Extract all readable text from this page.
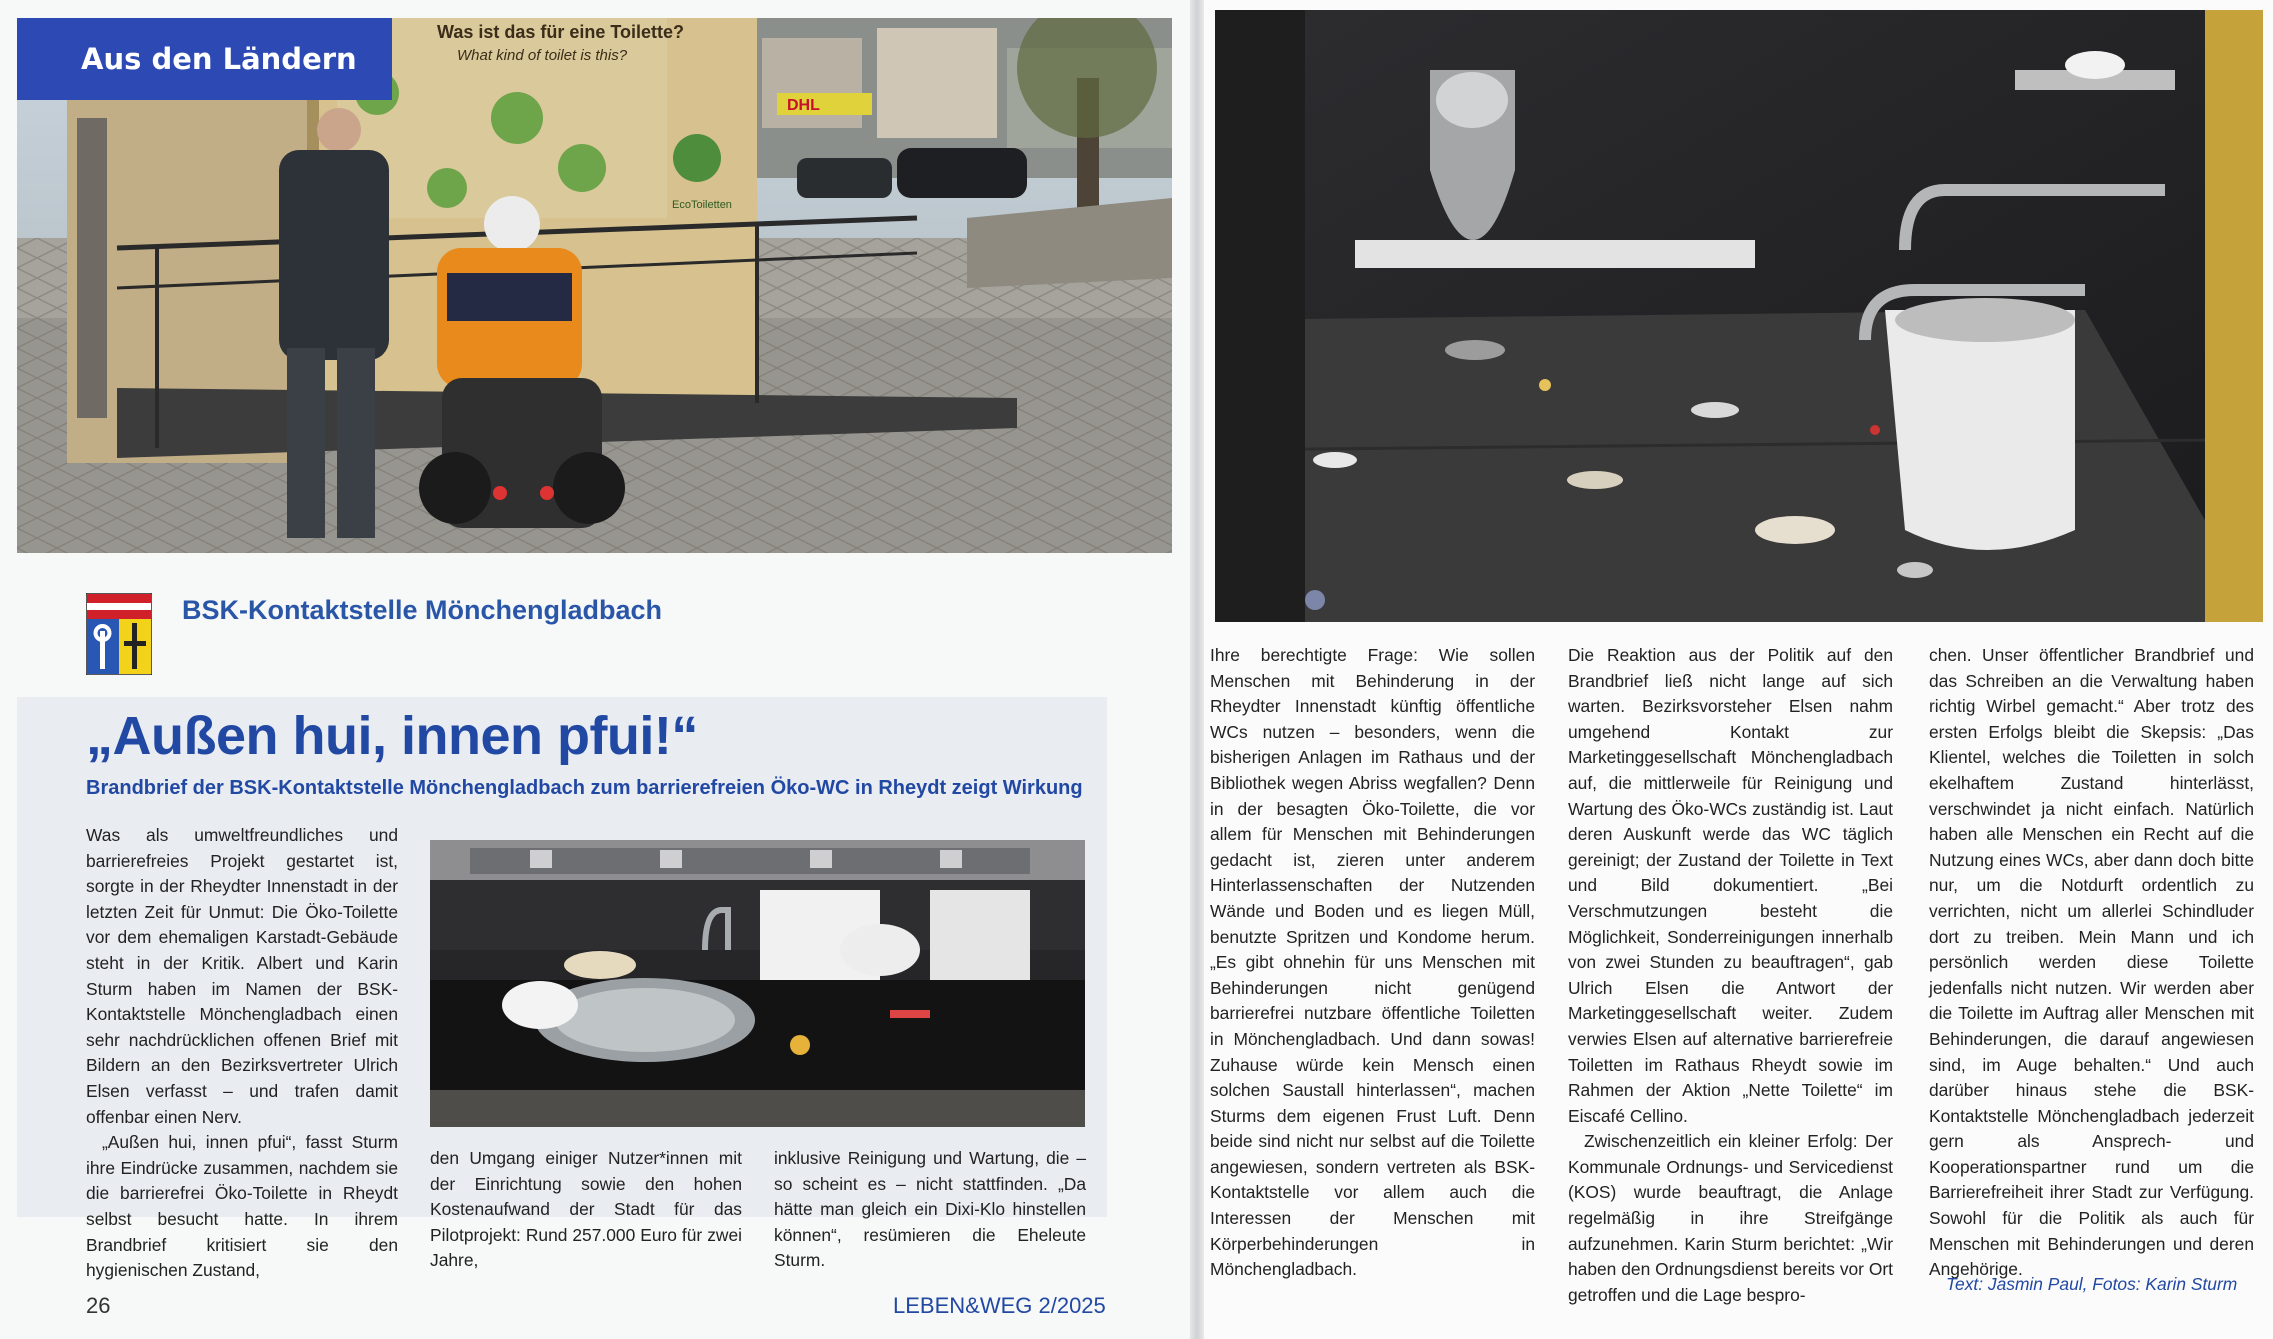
DHL
Was ist das für eine Toilette?
What kind of toilet is this?
EcoToiletten
Aus den Ländern
BSK-Kontaktstelle Mönchengladbach
„Außen hui, innen pfui!“
Brandbrief der BSK-Kontaktstelle Mönchengladbach zum barrierefreien Öko-WC in Rheydt zeigt Wirkung

Was als umweltfreundliches und barrierefreies Projekt gestartet ist, sorgte in der Rheydter Innenstadt in der letzten Zeit für Unmut: Die Öko-Toilette vor dem ehemaligen Karstadt-Gebäude steht in der Kritik. Albert und Karin Sturm haben im Namen der BSK-Kontaktstelle Mönchengladbach einen sehr nachdrücklichen offenen Brief mit Bildern an den Bezirksvertreter Ulrich Elsen verfasst – und trafen damit offenbar einen Nerv.

„Außen hui, innen pfui“, fasst Sturm ihre Eindrücke zusammen, nachdem sie die barrierefrei Öko-Toilette in Rheydt selbst besucht hatte. In ihrem Brandbrief kritisiert sie den hygienischen Zustand,

den Umgang einiger Nutzer*innen mit der Einrichtung sowie den hohen Kostenaufwand der Stadt für das Pilotprojekt: Rund 257.000 Euro für zwei Jahre,

inklusive Reinigung und Wartung, die – so scheint es – nicht stattfinden. „Da hätte man gleich ein Dixi-Klo hinstellen können“, resümieren die Eheleute Sturm.

26	LEBEN&WEG 2/2025

Ihre berechtigte Frage: Wie sollen Menschen mit Behinderung in der Rheydter Innenstadt künftig öffentliche WCs nutzen – besonders, wenn die bisherigen Anlagen im Rathaus und der Bibliothek wegen Abriss wegfallen? Denn in der besagten Öko-Toilette, die vor allem für Menschen mit Behinderungen gedacht ist, zieren unter anderem Hinterlassenschaften der Nutzenden Wände und Boden und es liegen Müll, benutzte Spritzen und Kondome herum. „Es gibt ohnehin für uns Menschen mit Behinderungen nicht genügend barrierefrei nutzbare öffentliche Toiletten in Mönchengladbach. Und dann sowas! Zuhause würde kein Mensch einen solchen Saustall hinterlassen“, machen Sturms dem eigenen Frust Luft. Denn beide sind nicht nur selbst auf die Toilette angewiesen, sondern vertreten als BSK-Kontaktstelle vor allem auch die Interessen der Menschen mit Körperbehinderungen in Mönchengladbach.

Die Reaktion aus der Politik auf den Brandbrief ließ nicht lange auf sich warten. Bezirksvorsteher Elsen nahm umgehend Kontakt zur Marketinggesellschaft Mönchengladbach auf, die mittlerweile für Reinigung und Wartung des Öko-WCs zuständig ist. Laut deren Auskunft werde das WC täglich gereinigt; der Zustand der Toilette in Text und Bild dokumentiert. „Bei Verschmutzungen besteht die Möglichkeit, Sonderreinigungen innerhalb von zwei Stunden zu beauftragen“, gab Ulrich Elsen die Antwort der Marketinggesellschaft weiter. Zudem verwies Elsen auf alternative barrierefreie Toiletten im Rathaus Rheydt sowie im Rahmen der Aktion „Nette Toilette“ im Eiscafé Cellino.

Zwischenzeitlich ein kleiner Erfolg: Der Kommunale Ordnungs- und Servicedienst (KOS) wurde beauftragt, die Anlage regelmäßig in ihre Streifgänge aufzunehmen. Karin Sturm berichtet: „Wir haben den Ordnungsdienst bereits vor Ort getroffen und die Lage bespro-

chen. Unser öffentlicher Brandbrief und das Schreiben an die Verwaltung haben richtig Wirbel gemacht.“ Aber trotz des ersten Erfolgs bleibt die Skepsis: „Das Klientel, welches die Toiletten in solch ekelhaftem Zustand hinterlässt, verschwindet ja nicht einfach. Natürlich haben alle Menschen ein Recht auf die Nutzung eines WCs, aber dann doch bitte nur, um die Notdurft ordentlich zu verrichten, nicht um allerlei Schindluder dort zu treiben. Mein Mann und ich persönlich werden diese Toilette jedenfalls nicht nutzen. Wir werden aber die Toilette im Auftrag aller Menschen mit Behinderungen, die darauf angewiesen sind, im Auge behalten.“ Und auch darüber hinaus stehe die BSK-Kontaktstelle Mönchengladbach jederzeit gern als Ansprech- und Kooperationspartner rund um die Barrierefreiheit ihrer Stadt zur Verfügung. Sowohl für die Politik als auch für Menschen mit Behinderungen und deren Angehörige.

Text: Jasmin Paul, Fotos: Karin Sturm
